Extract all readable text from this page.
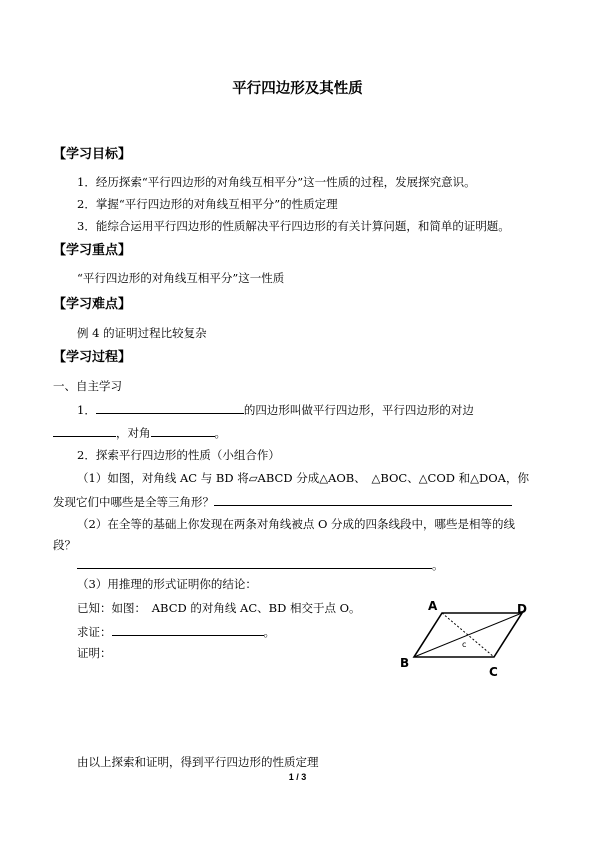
平行四边形及其性质
【学习目标】
1．经历探索“平行四边形的对角线互相平分”这一性质的过程，发展探究意识。
2．掌握“平行四边形的对角线互相平分”的性质定理
3．能综合运用平行四边形的性质解决平行四边形的有关计算问题，和简单的证明题。
【学习重点】
“平行四边形的对角线互相平分”这一性质
【学习难点】
例 4 的证明过程比较复杂
【学习过程】
一、自主学习
1．	的四边形叫做平行四边形，平行四边形的对边
，对角	。
2．探索平行四边形的性质（小组合作）
（1）如图，对角线 AC 与 BD 将▱ABCD 分成△AOB、　△BOC、△COD 和△DOA，你
发现它们中哪些是全等三角形？
（2）在全等的基础上你发现在两条对角线被点 O 分成的四条线段中，哪些是相等的线
段？
。
（3）用推理的形式证明你的结论：
已知：如图：　ABCD 的对角线 AC、BD 相交于点 O。
求证：	。
证明：
A	D
B
C
c
由以上探索和证明，得到平行四边形的性质定理
1 / 3
